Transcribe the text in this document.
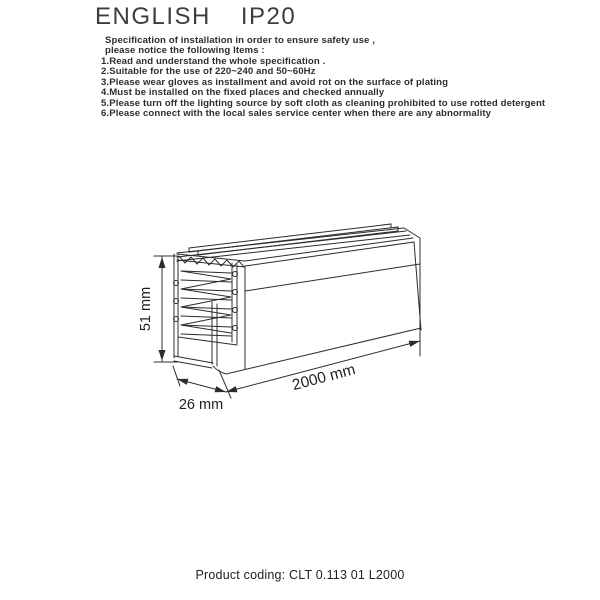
ENGLISH IP20
Specification of installation in order to ensure safety use ,
please notice the following Items :
1.Read and understand the whole specification .
2.Suitable for the use of 220~240 and 50~60Hz
3.Please wear gloves as installment and avoid rot on the surface of plating
4.Must be installed on the fixed places and checked annually
5.Please turn off the lighting source by soft cloth as cleaning prohibited to use rotted detergent
6.Please connect with the local sales service center when there are any abnormality
51 mm
26 mm
2000 mm
Product coding: CLT 0.113 01 L2000
